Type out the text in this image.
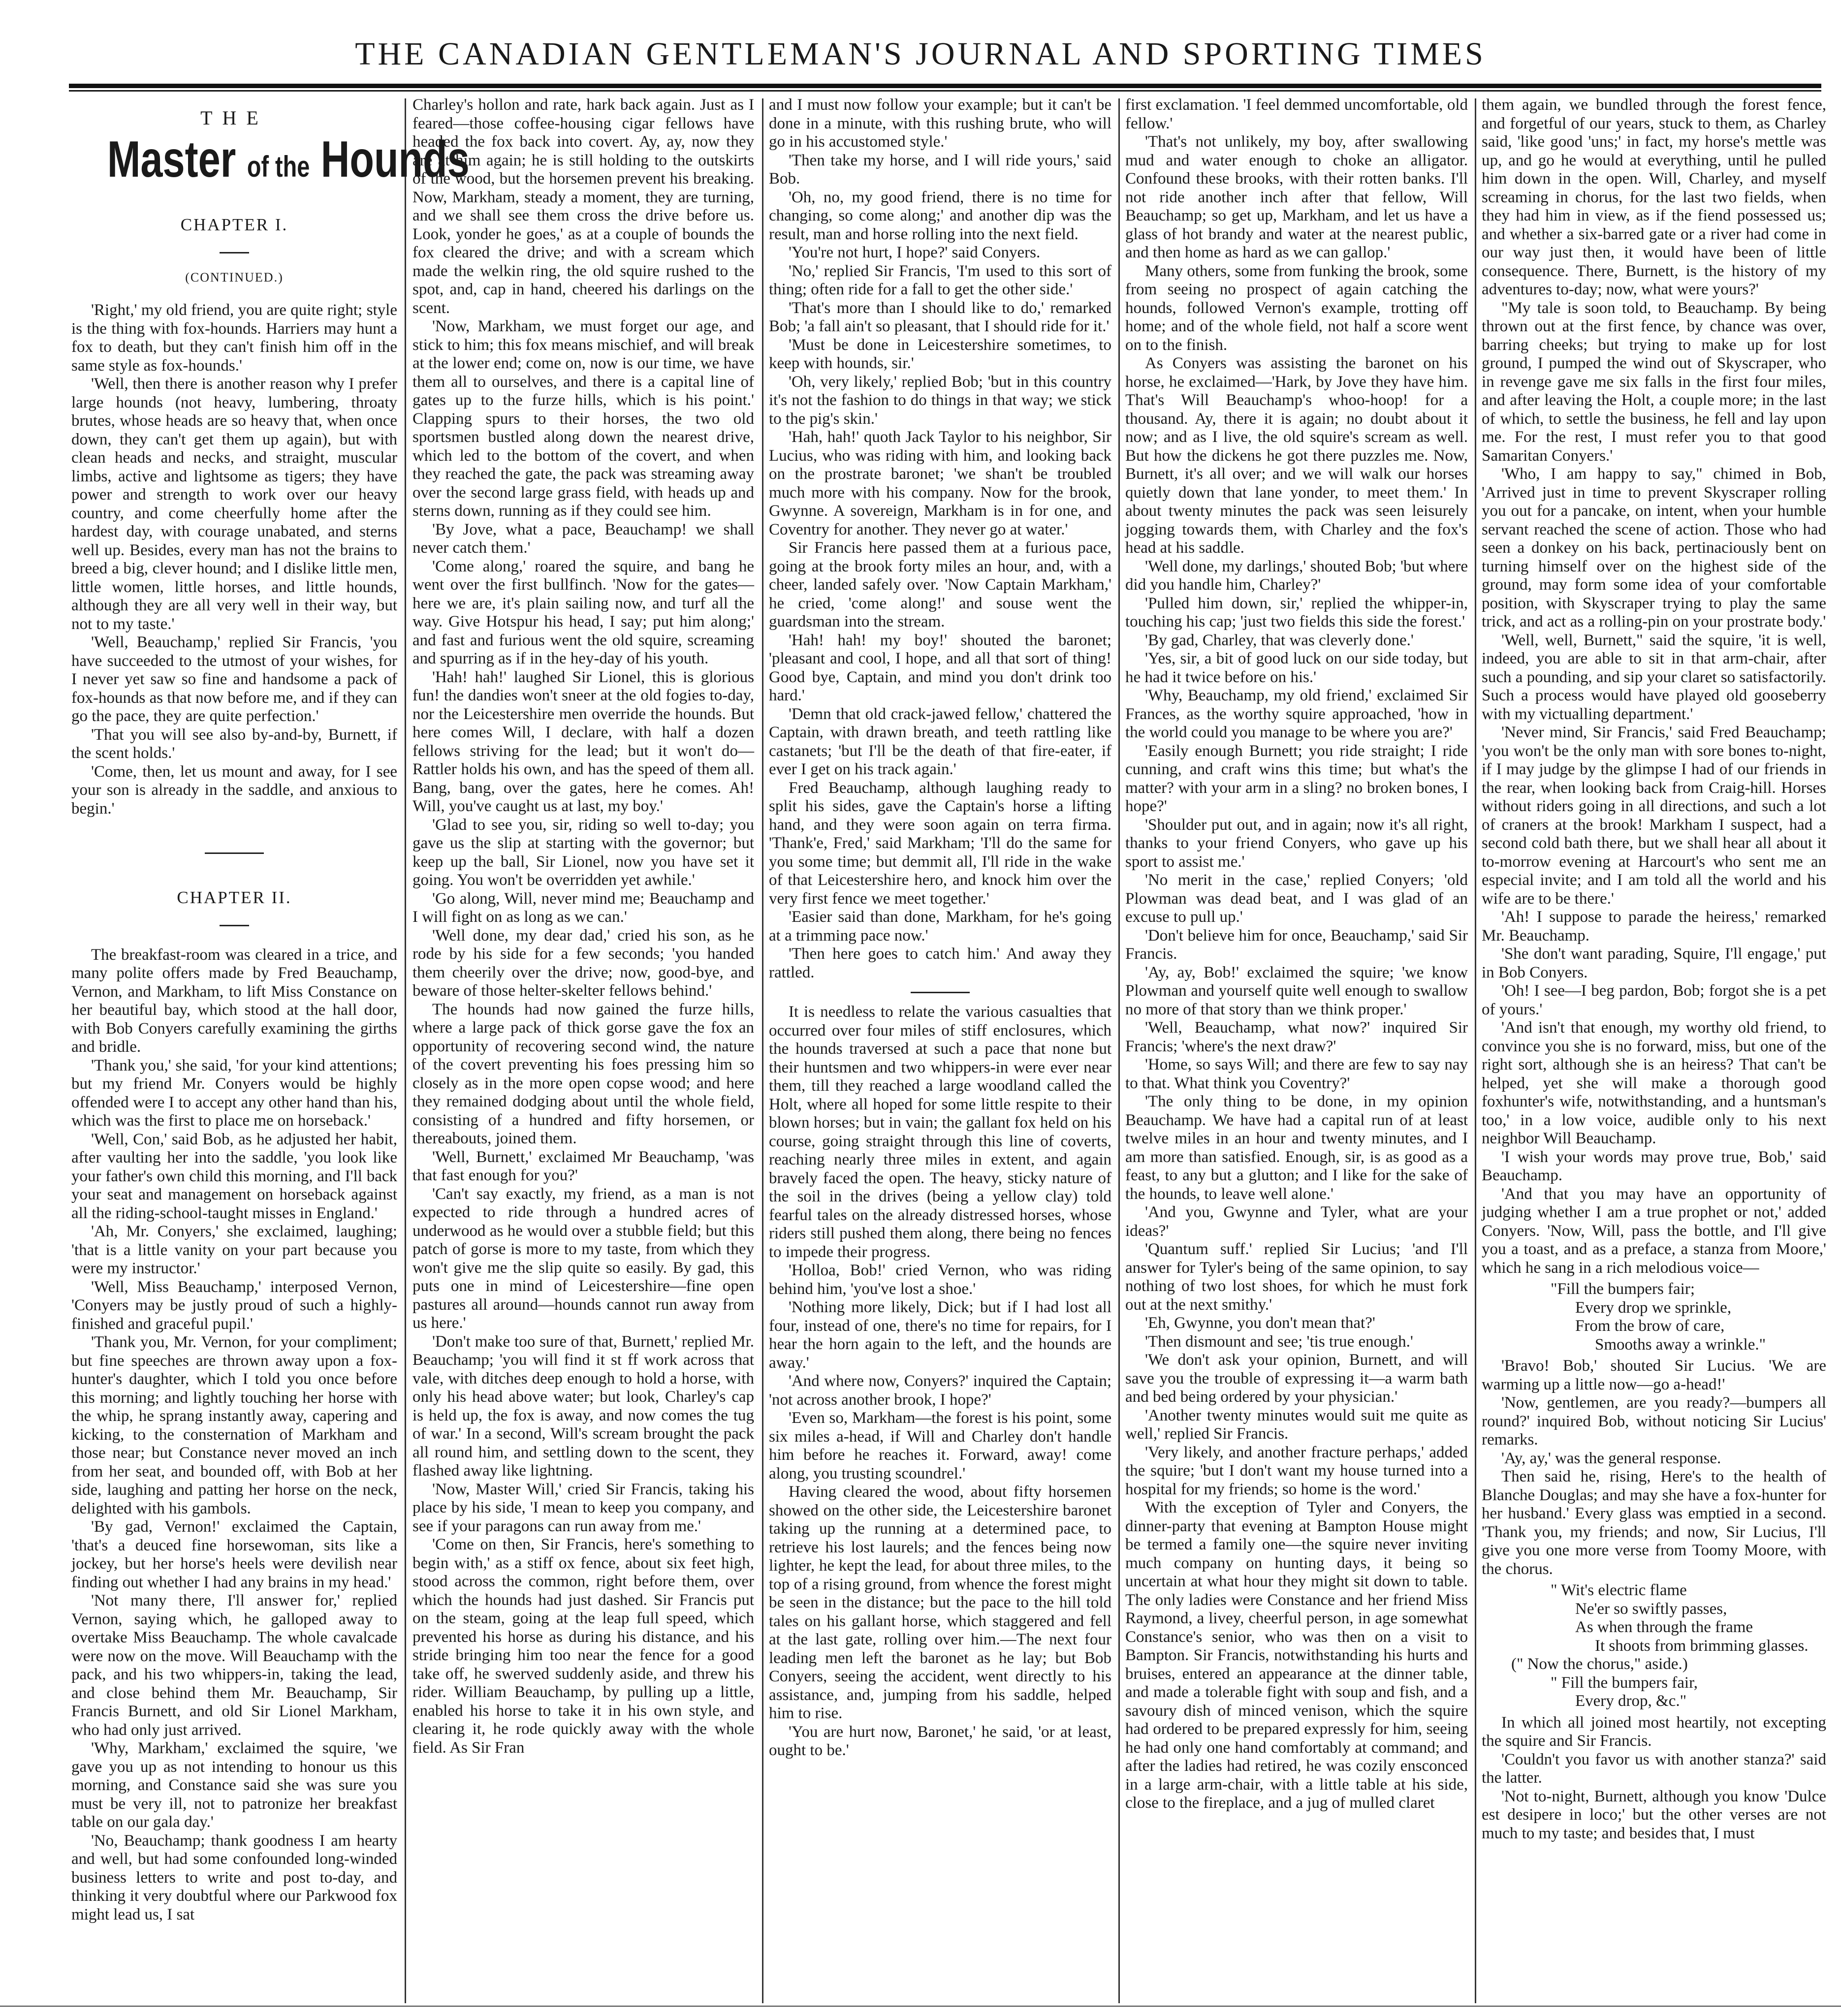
THE CANADIAN GENTLEMAN'S JOURNAL AND SPORTING TIMES
THE
Master of the Hounds
CHAPTER I.
(CONTINUED.)

'Right,' my old friend, you are quite right; style is the thing with fox-hounds. Harriers may hunt a fox to death, but they can't finish him off in the same style as fox-hounds.'

'Well, then there is another reason why I prefer large hounds (not heavy, lumbering, throaty brutes, whose heads are so heavy that, when once down, they can't get them up again), but with clean heads and necks, and straight, muscular limbs, active and lightsome as tigers; they have power and strength to work over our heavy country, and come cheerfully home after the hardest day, with courage unabated, and sterns well up. Besides, every man has not the brains to breed a big, clever hound; and I dislike little men, little women, little horses, and little hounds, although they are all very well in their way, but not to my taste.'

'Well, Beauchamp,' replied Sir Francis, 'you have succeeded to the utmost of your wishes, for I never yet saw so fine and handsome a pack of fox-hounds as that now before me, and if they can go the pace, they are quite perfection.'

'That you will see also by-and-by, Burnett, if the scent holds.'

'Come, then, let us mount and away, for I see your son is already in the saddle, and anxious to begin.'

CHAPTER II.

The breakfast-room was cleared in a trice, and many polite offers made by Fred Beauchamp, Vernon, and Markham, to lift Miss Constance on her beautiful bay, which stood at the hall door, with Bob Conyers carefully examining the girths and bridle.

'Thank you,' she said, 'for your kind attentions; but my friend Mr. Conyers would be highly offended were I to accept any other hand than his, which was the first to place me on horseback.'

'Well, Con,' said Bob, as he adjusted her habit, after vaulting her into the saddle, 'you look like your father's own child this morning, and I'll back your seat and management on horseback against all the riding-school-taught misses in England.'

'Ah, Mr. Conyers,' she exclaimed, laughing; 'that is a little vanity on your part because you were my instructor.'

'Well, Miss Beauchamp,' interposed Vernon, 'Conyers may be justly proud of such a highly-finished and graceful pupil.'

'Thank you, Mr. Vernon, for your compliment; but fine speeches are thrown away upon a fox-hunter's daughter, which I told you once before this morning; and lightly touching her horse with the whip, he sprang instantly away, capering and kicking, to the consternation of Markham and those near; but Constance never moved an inch from her seat, and bounded off, with Bob at her side, laughing and patting her horse on the neck, delighted with his gambols.

'By gad, Vernon!' exclaimed the Captain, 'that's a deuced fine horsewoman, sits like a jockey, but her horse's heels were devilish near finding out whether I had any brains in my head.'

'Not many there, I'll answer for,' replied Vernon, saying which, he galloped away to overtake Miss Beauchamp. The whole cavalcade were now on the move. Will Beauchamp with the pack, and his two whippers-in, taking the lead, and close behind them Mr. Beauchamp, Sir Francis Burnett, and old Sir Lionel Markham, who had only just arrived.

'Why, Markham,' exclaimed the squire, 'we gave you up as not intending to honour us this morning, and Constance said she was sure you must be very ill, not to patronize her breakfast table on our gala day.'

'No, Beauchamp; thank goodness I am hearty and well, but had some confounded long-winded business letters to write and post to-day, and thinking it very doubtful where our Parkwood fox might lead us, I sat

Charley's hollon and rate, hark back again. Just as I feared—those coffee-housing cigar fellows have headed the fox back into covert. Ay, ay, now they are at him again; he is still holding to the outskirts of the wood, but the horsemen prevent his breaking. Now, Markham, steady a moment, they are turning, and we shall see them cross the drive before us. Look, yonder he goes,' as at a couple of bounds the fox cleared the drive; and with a scream which made the welkin ring, the old squire rushed to the spot, and, cap in hand, cheered his darlings on the scent.

'Now, Markham, we must forget our age, and stick to him; this fox means mischief, and will break at the lower end; come on, now is our time, we have them all to ourselves, and there is a capital line of gates up to the furze hills, which is his point.' Clapping spurs to their horses, the two old sportsmen bustled along down the nearest drive, which led to the bottom of the covert, and when they reached the gate, the pack was streaming away over the second large grass field, with heads up and sterns down, running as if they could see him.

'By Jove, what a pace, Beauchamp! we shall never catch them.'

'Come along,' roared the squire, and bang he went over the first bullfinch. 'Now for the gates—here we are, it's plain sailing now, and turf all the way. Give Hotspur his head, I say; put him along;' and fast and furious went the old squire, screaming and spurring as if in the hey-day of his youth.

'Hah! hah!' laughed Sir Lionel, this is glorious fun! the dandies won't sneer at the old fogies to-day, nor the Leicestershire men override the hounds. But here comes Will, I declare, with half a dozen fellows striving for the lead; but it won't do—Rattler holds his own, and has the speed of them all. Bang, bang, over the gates, here he comes. Ah! Will, you've caught us at last, my boy.'

'Glad to see you, sir, riding so well to-day; you gave us the slip at starting with the governor; but keep up the ball, Sir Lionel, now you have set it going. You won't be overridden yet awhile.'

'Go along, Will, never mind me; Beauchamp and I will fight on as long as we can.'

'Well done, my dear dad,' cried his son, as he rode by his side for a few seconds; 'you handed them cheerily over the drive; now, good-bye, and beware of those helter-skelter fellows behind.'

The hounds had now gained the furze hills, where a large pack of thick gorse gave the fox an opportunity of recovering second wind, the nature of the covert preventing his foes pressing him so closely as in the more open copse wood; and here they remained dodging about until the whole field, consisting of a hundred and fifty horsemen, or thereabouts, joined them.

'Well, Burnett,' exclaimed Mr Beauchamp, 'was that fast enough for you?'

'Can't say exactly, my friend, as a man is not expected to ride through a hundred acres of underwood as he would over a stubble field; but this patch of gorse is more to my taste, from which they won't give me the slip quite so easily. By gad, this puts one in mind of Leicestershire—fine open pastures all around—hounds cannot run away from us here.'

'Don't make too sure of that, Burnett,' replied Mr. Beauchamp; 'you will find it st ff work across that vale, with ditches deep enough to hold a horse, with only his head above water; but look, Charley's cap is held up, the fox is away, and now comes the tug of war.' In a second, Will's scream brought the pack all round him, and settling down to the scent, they flashed away like lightning.

'Now, Master Will,' cried Sir Francis, taking his place by his side, 'I mean to keep you company, and see if your paragons can run away from me.'

'Come on then, Sir Francis, here's something to begin with,' as a stiff ox fence, about six feet high, stood across the common, right before them, over which the hounds had just dashed. Sir Francis put on the steam, going at the leap full speed, which prevented his horse as during his distance, and his stride bringing him too near the fence for a good take off, he swerved suddenly aside, and threw his rider. William Beauchamp, by pulling up a little, enabled his horse to take it in his own style, and clearing it, he rode quickly away with the whole field. As Sir Fran

and I must now follow your example; but it can't be done in a minute, with this rushing brute, who will go in his accustomed style.'

'Then take my horse, and I will ride yours,' said Bob.

'Oh, no, my good friend, there is no time for changing, so come along;' and another dip was the result, man and horse rolling into the next field.

'You're not hurt, I hope?' said Conyers.

'No,' replied Sir Francis, 'I'm used to this sort of thing; often ride for a fall to get the other side.'

'That's more than I should like to do,' remarked Bob; 'a fall ain't so pleasant, that I should ride for it.'

'Must be done in Leicestershire sometimes, to keep with hounds, sir.'

'Oh, very likely,' replied Bob; 'but in this country it's not the fashion to do things in that way; we stick to the pig's skin.'

'Hah, hah!' quoth Jack Taylor to his neighbor, Sir Lucius, who was riding with him, and looking back on the prostrate baronet; 'we shan't be troubled much more with his company. Now for the brook, Gwynne. A sovereign, Markham is in for one, and Coventry for another. They never go at water.'

Sir Francis here passed them at a furious pace, going at the brook forty miles an hour, and, with a cheer, landed safely over. 'Now Captain Markham,' he cried, 'come along!' and souse went the guardsman into the stream.

'Hah! hah! my boy!' shouted the baronet; 'pleasant and cool, I hope, and all that sort of thing! Good bye, Captain, and mind you don't drink too hard.'

'Demn that old crack-jawed fellow,' chattered the Captain, with drawn breath, and teeth rattling like castanets; 'but I'll be the death of that fire-eater, if ever I get on his track again.'

Fred Beauchamp, although laughing ready to split his sides, gave the Captain's horse a lifting hand, and they were soon again on terra firma. 'Thank'e, Fred,' said Markham; 'I'll do the same for you some time; but demmit all, I'll ride in the wake of that Leicestershire hero, and knock him over the very first fence we meet together.'

'Easier said than done, Markham, for he's going at a trimming pace now.'

'Then here goes to catch him.' And away they rattled.

It is needless to relate the various casualties that occurred over four miles of stiff enclosures, which the hounds traversed at such a pace that none but their huntsmen and two whippers-in were ever near them, till they reached a large woodland called the Holt, where all hoped for some little respite to their blown horses; but in vain; the gallant fox held on his course, going straight through this line of coverts, reaching nearly three miles in extent, and again bravely faced the open. The heavy, sticky nature of the soil in the drives (being a yellow clay) told fearful tales on the already distressed horses, whose riders still pushed them along, there being no fences to impede their progress.

'Holloa, Bob!' cried Vernon, who was riding behind him, 'you've lost a shoe.'

'Nothing more likely, Dick; but if I had lost all four, instead of one, there's no time for repairs, for I hear the horn again to the left, and the hounds are away.'

'And where now, Conyers?' inquired the Captain; 'not across another brook, I hope?'

'Even so, Markham—the forest is his point, some six miles a-head, if Will and Charley don't handle him before he reaches it. Forward, away! come along, you trusting scoundrel.'

Having cleared the wood, about fifty horsemen showed on the other side, the Leicestershire baronet taking up the running at a determined pace, to retrieve his lost laurels; and the fences being now lighter, he kept the lead, for about three miles, to the top of a rising ground, from whence the forest might be seen in the distance; but the pace to the hill told tales on his gallant horse, which staggered and fell at the last gate, rolling over him.—The next four leading men left the baronet as he lay; but Bob Conyers, seeing the accident, went directly to his assistance, and, jumping from his saddle, helped him to rise.

'You are hurt now, Baronet,' he said, 'or at least, ought to be.'

first exclamation. 'I feel demmed uncomfortable, old fellow.'

'That's not unlikely, my boy, after swallowing mud and water enough to choke an alligator. Confound these brooks, with their rotten banks. I'll not ride another inch after that fellow, Will Beauchamp; so get up, Markham, and let us have a glass of hot brandy and water at the nearest public, and then home as hard as we can gallop.'

Many others, some from funking the brook, some from seeing no prospect of again catching the hounds, followed Vernon's example, trotting off home; and of the whole field, not half a score went on to the finish.

As Conyers was assisting the baronet on his horse, he exclaimed—'Hark, by Jove they have him. That's Will Beauchamp's whoo-hoop! for a thousand. Ay, there it is again; no doubt about it now; and as I live, the old squire's scream as well. But how the dickens he got there puzzles me. Now, Burnett, it's all over; and we will walk our horses quietly down that lane yonder, to meet them.' In about twenty minutes the pack was seen leisurely jogging towards them, with Charley and the fox's head at his saddle.

'Well done, my darlings,' shouted Bob; 'but where did you handle him, Charley?'

'Pulled him down, sir,' replied the whipper-in, touching his cap; 'just two fields this side the forest.'

'By gad, Charley, that was cleverly done.'

'Yes, sir, a bit of good luck on our side today, but he had it twice before on his.'

'Why, Beauchamp, my old friend,' exclaimed Sir Frances, as the worthy squire approached, 'how in the world could you manage to be where you are?'

'Easily enough Burnett; you ride straight; I ride cunning, and craft wins this time; but what's the matter? with your arm in a sling? no broken bones, I hope?'

'Shoulder put out, and in again; now it's all right, thanks to your friend Conyers, who gave up his sport to assist me.'

'No merit in the case,' replied Conyers; 'old Plowman was dead beat, and I was glad of an excuse to pull up.'

'Don't believe him for once, Beauchamp,' said Sir Francis.

'Ay, ay, Bob!' exclaimed the squire; 'we know Plowman and yourself quite well enough to swallow no more of that story than we think proper.'

'Well, Beauchamp, what now?' inquired Sir Francis; 'where's the next draw?'

'Home, so says Will; and there are few to say nay to that. What think you Coventry?'

'The only thing to be done, in my opinion Beauchamp. We have had a capital run of at least twelve miles in an hour and twenty minutes, and I am more than satisfied. Enough, sir, is as good as a feast, to any but a glutton; and I like for the sake of the hounds, to leave well alone.'

'And you, Gwynne and Tyler, what are your ideas?'

'Quantum suff.' replied Sir Lucius; 'and I'll answer for Tyler's being of the same opinion, to say nothing of two lost shoes, for which he must fork out at the next smithy.'

'Eh, Gwynne, you don't mean that?'

'Then dismount and see; 'tis true enough.'

'We don't ask your opinion, Burnett, and will save you the trouble of expressing it—a warm bath and bed being ordered by your physician.'

'Another twenty minutes would suit me quite as well,' replied Sir Francis.

'Very likely, and another fracture perhaps,' added the squire; 'but I don't want my house turned into a hospital for my friends; so home is the word.'

With the exception of Tyler and Conyers, the dinner-party that evening at Bampton House might be termed a family one—the squire never inviting much company on hunting days, it being so uncertain at what hour they might sit down to table. The only ladies were Constance and her friend Miss Raymond, a livey, cheerful person, in age somewhat Constance's senior, who was then on a visit to Bampton. Sir Francis, notwithstanding his hurts and bruises, entered an appearance at the dinner table, and made a tolerable fight with soup and fish, and a savoury dish of minced venison, which the squire had ordered to be prepared expressly for him, seeing he had only one hand comfortably at command; and after the ladies had retired, he was cozily ensconced in a large arm-chair, with a little table at his side, close to the fireplace, and a jug of mulled claret

them again, we bundled through the forest fence, and forgetful of our years, stuck to them, as Charley said, 'like good 'uns;' in fact, my horse's mettle was up, and go he would at everything, until he pulled him down in the open. Will, Charley, and myself screaming in chorus, for the last two fields, when they had him in view, as if the fiend possessed us; and whether a six-barred gate or a river had come in our way just then, it would have been of little consequence. There, Burnett, is the history of my adventures to-day; now, what were yours?'

"My tale is soon told, to Beauchamp. By being thrown out at the first fence, by chance was over, barring cheeks; but trying to make up for lost ground, I pumped the wind out of Skyscraper, who in revenge gave me six falls in the first four miles, and after leaving the Holt, a couple more; in the last of which, to settle the business, he fell and lay upon me. For the rest, I must refer you to that good Samaritan Conyers.'

'Who, I am happy to say," chimed in Bob, 'Arrived just in time to prevent Skyscraper rolling you out for a pancake, on intent, when your humble servant reached the scene of action. Those who had seen a donkey on his back, pertinaciously bent on turning himself over on the highest side of the ground, may form some idea of your comfortable position, with Skyscraper trying to play the same trick, and act as a rolling-pin on your prostrate body.'

'Well, well, Burnett," said the squire, 'it is well, indeed, you are able to sit in that arm-chair, after such a pounding, and sip your claret so satisfactorily. Such a process would have played old gooseberry with my victualling department.'

'Never mind, Sir Francis,' said Fred Beauchamp; 'you won't be the only man with sore bones to-night, if I may judge by the glimpse I had of our friends in the rear, when looking back from Craig-hill. Horses without riders going in all directions, and such a lot of craners at the brook! Markham I suspect, had a second cold bath there, but we shall hear all about it to-morrow evening at Harcourt's who sent me an especial invite; and I am told all the world and his wife are to be there.'

'Ah! I suppose to parade the heiress,' remarked Mr. Beauchamp.

'She don't want parading, Squire, I'll engage,' put in Bob Conyers.

'Oh! I see—I beg pardon, Bob; forgot she is a pet of yours.'

'And isn't that enough, my worthy old friend, to convince you she is no forward, miss, but one of the right sort, although she is an heiress? That can't be helped, yet she will make a thorough good foxhunter's wife, notwithstanding, and a huntsman's too,' in a low voice, audible only to his next neighbor Will Beauchamp.

'I wish your words may prove true, Bob,' said Beauchamp.

'And that you may have an opportunity of judging whether I am a true prophet or not,' added Conyers. 'Now, Will, pass the bottle, and I'll give you a toast, and as a preface, a stanza from Moore,' which he sang in a rich melodious voice—

"Fill the bumpers fair;
Every drop we sprinkle,
From the brow of care,
Smooths away a wrinkle."

'Bravo! Bob,' shouted Sir Lucius. 'We are warming up a little now—go a-head!'

'Now, gentlemen, are you ready?—bumpers all round?' inquired Bob, without noticing Sir Lucius' remarks.

'Ay, ay,' was the general response.

Then said he, rising, Here's to the health of Blanche Douglas; and may she have a fox-hunter for her husband.' Every glass was emptied in a second. 'Thank you, my friends; and now, Sir Lucius, I'll give you one more verse from Toomy Moore, with the chorus.

" Wit's electric flame
Ne'er so swiftly passes,
As when through the frame
It shoots from brimming glasses.
(" Now the chorus," aside.)
" Fill the bumpers fair,
Every drop, &c."

In which all joined most heartily, not excepting the squire and Sir Francis.

'Couldn't you favor us with another stanza?' said the latter.

'Not to-night, Burnett, although you know 'Dulce est desipere in loco;' but the other verses are not much to my taste; and besides that, I must
